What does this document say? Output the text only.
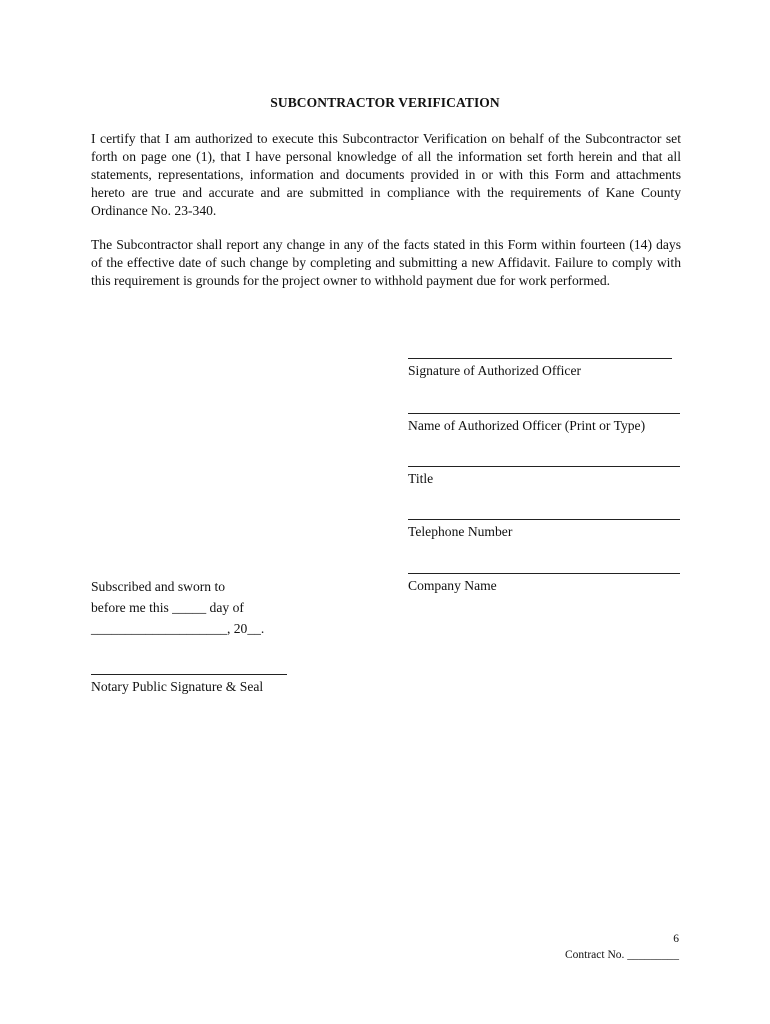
SUBCONTRACTOR VERIFICATION
I certify that I am authorized to execute this Subcontractor Verification on behalf of the Subcontractor set forth on page one (1), that I have personal knowledge of all the information set forth herein and that all statements, representations, information and documents provided in or with this Form and attachments hereto are true and accurate and are submitted in compliance with the requirements of Kane County Ordinance No. 23-340.
The Subcontractor shall report any change in any of the facts stated in this Form within fourteen (14) days of the effective date of such change by completing and submitting a new Affidavit. Failure to comply with this requirement is grounds for the project owner to withhold payment due for work performed.
Signature of Authorized Officer
Name of Authorized Officer (Print or Type)
Title
Telephone Number
Company Name
Subscribed and sworn to
before me this _____ day of
____________________, 20__.
Notary Public Signature & Seal
6
Contract No. _________
